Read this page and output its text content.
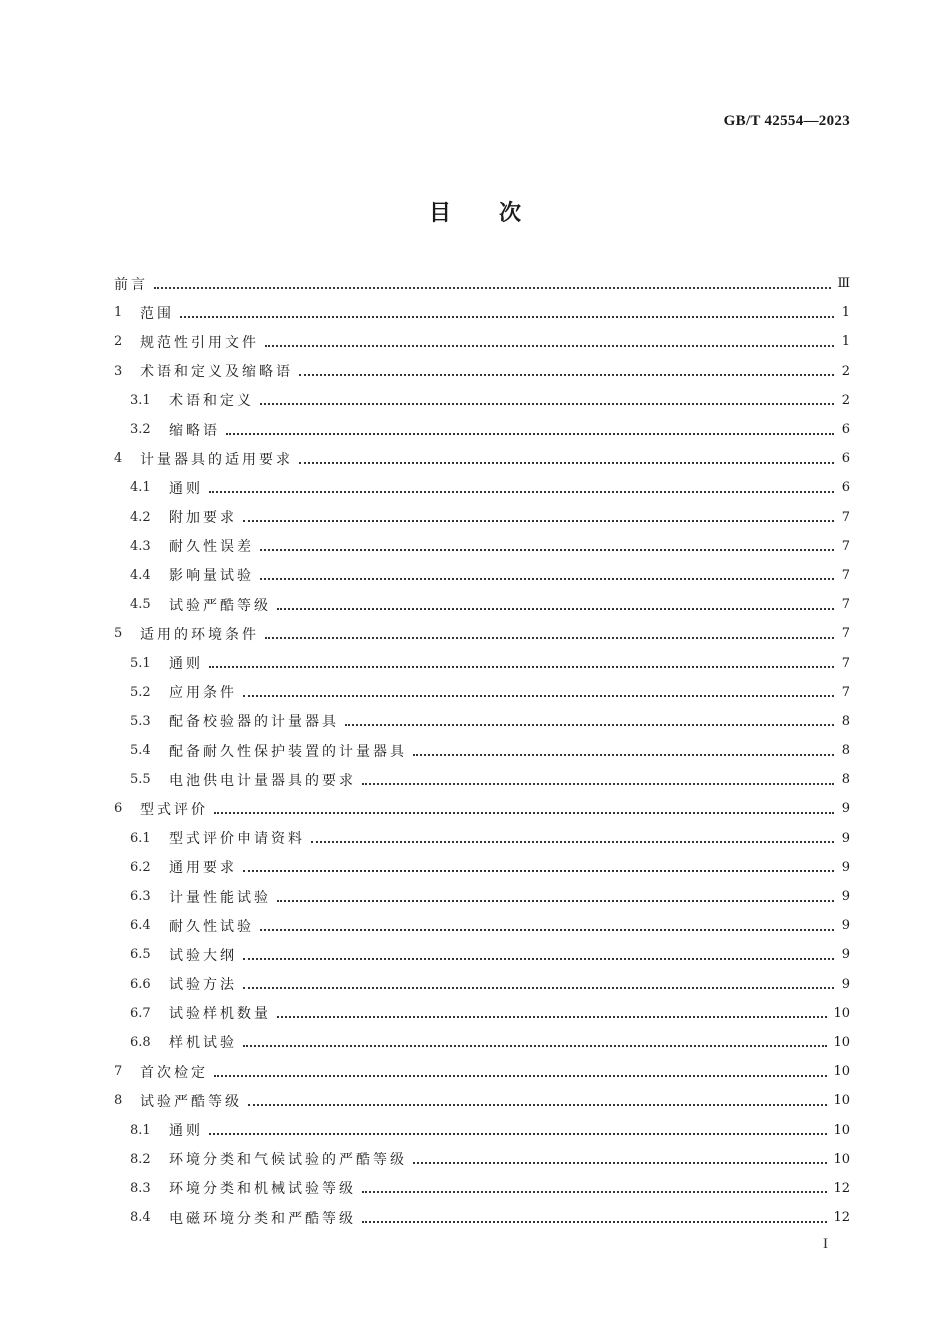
GB/T 42554—2023
目次
前言	Ⅲ
1	范围	1
2	规范性引用文件	1
3	术语和定义及缩略语	2
3.1	术语和定义	2
3.2	缩略语	6
4	计量器具的适用要求	6
4.1	通则	6
4.2	附加要求	7
4.3	耐久性误差	7
4.4	影响量试验	7
4.5	试验严酷等级	7
5	适用的环境条件	7
5.1	通则	7
5.2	应用条件	7
5.3	配备校验器的计量器具	8
5.4	配备耐久性保护装置的计量器具	8
5.5	电池供电计量器具的要求	8
6	型式评价	9
6.1	型式评价申请资料	9
6.2	通用要求	9
6.3	计量性能试验	9
6.4	耐久性试验	9
6.5	试验大纲	9
6.6	试验方法	9
6.7	试验样机数量	10
6.8	样机试验	10
7	首次检定	10
8	试验严酷等级	10
8.1	通则	10
8.2	环境分类和气候试验的严酷等级	10
8.3	环境分类和机械试验等级	12
8.4	电磁环境分类和严酷等级	12
I
